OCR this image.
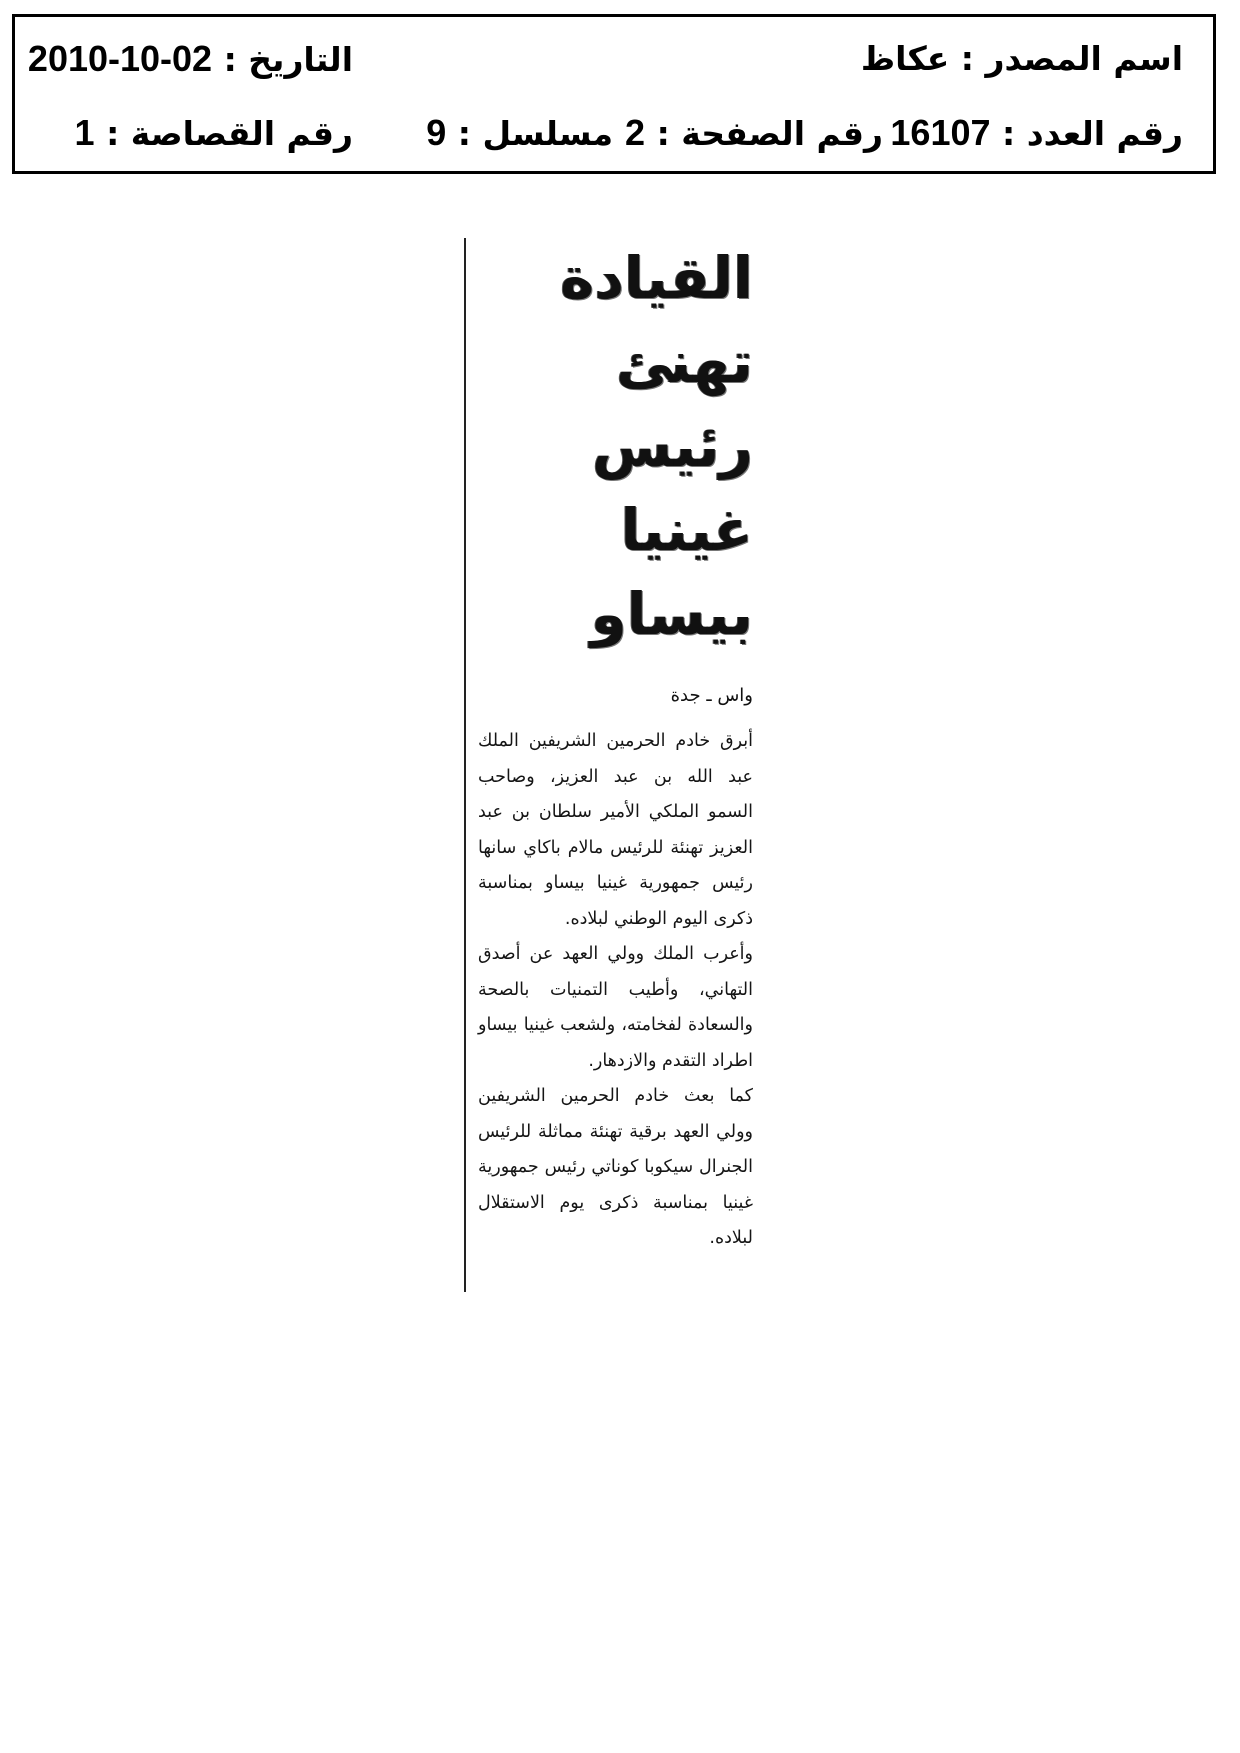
اسم المصدر : عكاظ
التاريخ : 2010-10-02
رقم العدد : 16107
رقم الصفحة : 2
مسلسل : 9
رقم القصاصة : 1
القيادة تهنئ
رئيس غينيا
بيساو
واس ـ جدة

أبرق خادم الحرمين الشريفين الملك عبد الله بن عبد العزيز، وصاحب السمو الملكي الأمير سلطان بن عبد العزيز تهنئة للرئيس مالام باكاي سانها رئيس جمهورية غينيا بيساو بمناسبة ذكرى اليوم الوطني لبلاده.

وأعرب الملك وولي العهد عن أصدق التهاني، وأطيب التمنيات بالصحة والسعادة لفخامته، ولشعب غينيا بيساو اطراد التقدم والازدهار.

كما بعث خادم الحرمين الشريفين وولي العهد برقية تهنئة مماثلة للرئيس الجنرال سيكوبا كوناتي رئيس جمهورية غينيا بمناسبة ذكرى يوم الاستقلال لبلاده.
